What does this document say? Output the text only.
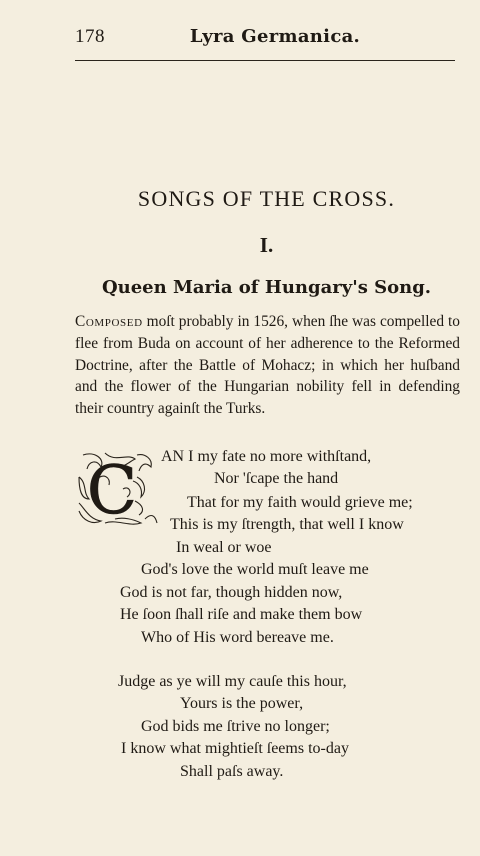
178	Lyra Germanica.
SONGS OF THE CROSS.
I.
Queen Maria of Hungary's Song.
Composed moſt probably in 1526, when ſhe was compelled to flee from Buda on account of her adherence to the Reformed Doctrine, after the Battle of Mohacz; in which her huſband and the flower of the Hungarian nobility fell in defending their country againſt the Turks.
C AN I my fate no more withſtand,
Nor 'ſcape the hand
That for my faith would grieve me;
This is my ſtrength, that well I know
In weal or woe
God's love the world muſt leave me
God is not far, though hidden now,
He ſoon ſhall riſe and make them bow
Who of His word bereave me.
Judge as ye will my cauſe this hour,
Yours is the power,
God bids me ſtrive no longer;
I know what mightieſt ſeems to-day
Shall paſs away.
